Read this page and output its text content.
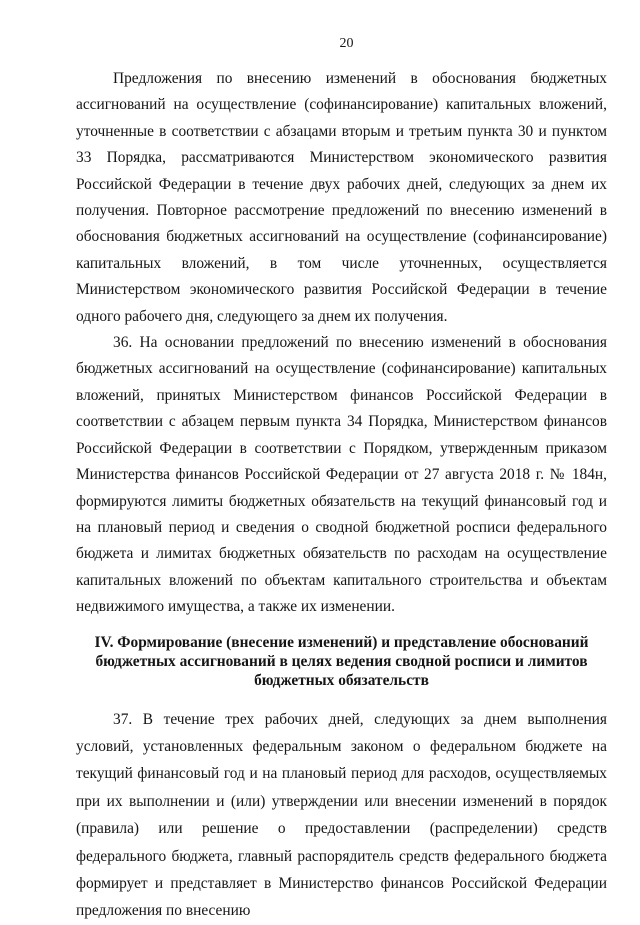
20

Предложения по внесению изменений в обоснования бюджетных ассигнований на осуществление (софинансирование) капитальных вложений, уточненные в соответствии с абзацами вторым и третьим пункта 30 и пунктом 33 Порядка, рассматриваются Министерством экономического развития Российской Федерации в течение двух рабочих дней, следующих за днем их получения. Повторное рассмотрение предложений по внесению изменений в обоснования бюджетных ассигнований на осуществление (софинансирование) капитальных вложений, в том числе уточненных, осуществляется Министерством экономического развития Российской Федерации в течение одного рабочего дня, следующего за днем их получения.

36. На основании предложений по внесению изменений в обоснования бюджетных ассигнований на осуществление (софинансирование) капитальных вложений, принятых Министерством финансов Российской Федерации в соответствии с абзацем первым пункта 34 Порядка, Министерством финансов Российской Федерации в соответствии с Порядком, утвержденным приказом Министерства финансов Российской Федерации от 27 августа 2018 г. № 184н, формируются лимиты бюджетных обязательств на текущий финансовый год и на плановый период и сведения о сводной бюджетной росписи федерального бюджета и лимитах бюджетных обязательств по расходам на осуществление капитальных вложений по объектам капитального строительства и объектам недвижимого имущества, а также их изменении.

IV. Формирование (внесение изменений) и представление обоснований
бюджетных ассигнований в целях ведения сводной росписи и лимитов
бюджетных обязательств

37. В течение трех рабочих дней, следующих за днем выполнения условий, установленных федеральным законом о федеральном бюджете на текущий финансовый год и на плановый период для расходов, осуществляемых при их выполнении и (или) утверждении или внесении изменений в порядок (правила) или решение о предоставлении (распределении) средств федерального бюджета, главный распорядитель средств федерального бюджета формирует и представляет в Министерство финансов Российской Федерации предложения по внесению
